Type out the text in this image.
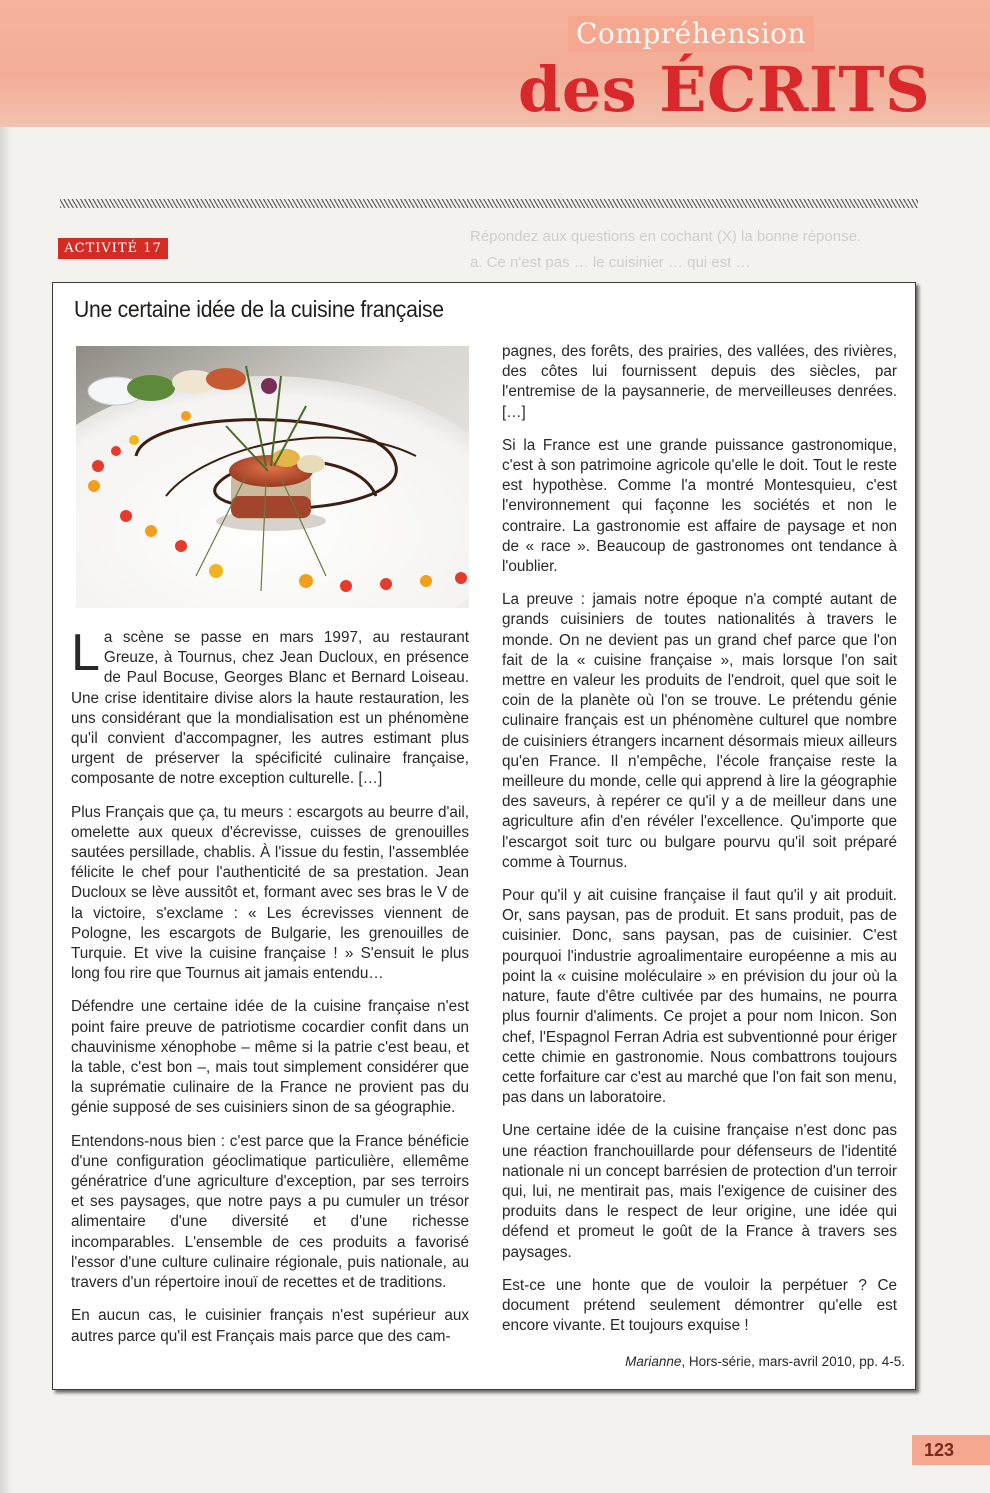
Compréhension
des ÉCRITS
ACTIVITÉ 17
Répondez aux questions en cochant (X) la bonne réponse.
a. Ce n'est pas … le cuisinier … qui est …
Une certaine idée de la cuisine française

La scène se passe en mars 1997, au restaurant Greuze, à Tournus, chez Jean Ducloux, en présence de Paul Bocuse, Georges Blanc et Bernard Loiseau. Une crise identitaire divise alors la haute restauration, les uns considérant que la mondialisation est un phénomène qu'il convient d'accompagner, les autres estimant plus urgent de préserver la spécificité culinaire française, composante de notre exception culturelle. […]

Plus Français que ça, tu meurs : escargots au beurre d'ail, omelette aux queux d'écrevisse, cuisses de grenouilles sautées persillade, chablis. À l'issue du festin, l'assemblée félicite le chef pour l'authenticité de sa prestation. Jean Ducloux se lève aussitôt et, formant avec ses bras le V de la victoire, s'exclame : « Les écrevisses viennent de Pologne, les escargots de Bulgarie, les grenouilles de Turquie. Et vive la cuisine française ! » S'ensuit le plus long fou rire que Tournus ait jamais entendu…

Défendre une certaine idée de la cuisine française n'est point faire preuve de patriotisme cocardier confit dans un chauvinisme xénophobe – même si la patrie c'est beau, et la table, c'est bon –, mais tout simplement considérer que la suprématie culinaire de la France ne provient pas du génie supposé de ses cuisiniers sinon de sa géographie.

Entendons-nous bien : c'est parce que la France bénéficie d'une configuration géoclimatique particulière, ellemême génératrice d'une agriculture d'exception, par ses terroirs et ses paysages, que notre pays a pu cumuler un trésor alimentaire d'une diversité et d'une richesse incomparables. L'ensemble de ces produits a favorisé l'essor d'une culture culinaire régionale, puis nationale, au travers d'un répertoire inouï de recettes et de traditions.

En aucun cas, le cuisinier français n'est supérieur aux autres parce qu'il est Français mais parce que des cam-

pagnes, des forêts, des prairies, des vallées, des rivières, des côtes lui fournissent depuis des siècles, par l'entremise de la paysannerie, de merveilleuses denrées. […]

Si la France est une grande puissance gastronomique, c'est à son patrimoine agricole qu'elle le doit. Tout le reste est hypothèse. Comme l'a montré Montesquieu, c'est l'environnement qui façonne les sociétés et non le contraire. La gastronomie est affaire de paysage et non de « race ». Beaucoup de gastronomes ont tendance à l'oublier.

La preuve : jamais notre époque n'a compté autant de grands cuisiniers de toutes nationalités à travers le monde. On ne devient pas un grand chef parce que l'on fait de la « cuisine française », mais lorsque l'on sait mettre en valeur les produits de l'endroit, quel que soit le coin de la planète où l'on se trouve. Le prétendu génie culinaire français est un phénomène culturel que nombre de cuisiniers étrangers incarnent désormais mieux ailleurs qu'en France. Il n'empêche, l'école française reste la meilleure du monde, celle qui apprend à lire la géographie des saveurs, à repérer ce qu'il y a de meilleur dans une agriculture afin d'en révéler l'excellence. Qu'importe que l'escargot soit turc ou bulgare pourvu qu'il soit préparé comme à Tournus.

Pour qu'il y ait cuisine française il faut qu'il y ait produit. Or, sans paysan, pas de produit. Et sans produit, pas de cuisinier. Donc, sans paysan, pas de cuisinier. C'est pourquoi l'industrie agroalimentaire européenne a mis au point la « cuisine moléculaire » en prévision du jour où la nature, faute d'être cultivée par des humains, ne pourra plus fournir d'aliments. Ce projet a pour nom Inicon. Son chef, l'Espagnol Ferran Adria est subventionné pour ériger cette chimie en gastronomie. Nous combattrons toujours cette forfaiture car c'est au marché que l'on fait son menu, pas dans un laboratoire.

Une certaine idée de la cuisine française n'est donc pas une réaction franchouillarde pour défenseurs de l'identité nationale ni un concept barrésien de protection d'un terroir qui, lui, ne mentirait pas, mais l'exigence de cuisiner des produits dans le respect de leur origine, une idée qui défend et promeut le goût de la France à travers ses paysages.

Est-ce une honte que de vouloir la perpétuer ? Ce document prétend seulement démontrer qu'elle est encore vivante. Et toujours exquise !

Marianne, Hors-série, mars-avril 2010, pp. 4-5.
123
